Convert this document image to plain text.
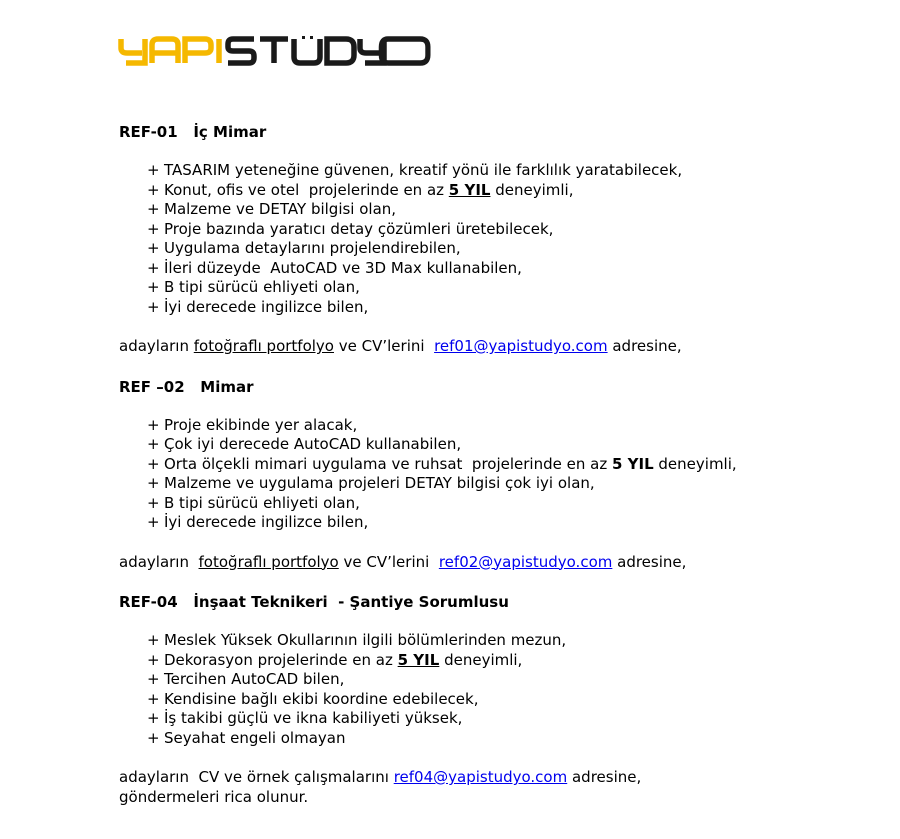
REF-01   İç Mimar
+ TASARIM yeteneğine güvenen, kreatif yönü ile farklılık yaratabilecek,
+ Konut, ofis ve otel  projelerinde en az 5 YIL deneyimli,
+ Malzeme ve DETAY bilgisi olan,
+ Proje bazında yaratıcı detay çözümleri üretebilecek,
+ Uygulama detaylarını projelendirebilen,
+ İleri düzeyde  AutoCAD ve 3D Max kullanabilen,
+ B tipi sürücü ehliyeti olan,
+ İyi derecede ingilizce bilen,
adayların fotoğraflı portfolyo ve CV’lerini  ref01@yapistudyo.com adresine,
REF –02   Mimar
+ Proje ekibinde yer alacak,
+ Çok iyi derecede AutoCAD kullanabilen,
+ Orta ölçekli mimari uygulama ve ruhsat  projelerinde en az 5 YIL deneyimli,
+ Malzeme ve uygulama projeleri DETAY bilgisi çok iyi olan,
+ B tipi sürücü ehliyeti olan,
+ İyi derecede ingilizce bilen,
adayların  fotoğraflı portfolyo ve CV’lerini  ref02@yapistudyo.com adresine,
REF-04   İnşaat Teknikeri  - Şantiye Sorumlusu
+ Meslek Yüksek Okullarının ilgili bölümlerinden mezun,
+ Dekorasyon projelerinde en az 5 YIL deneyimli,
+ Tercihen AutoCAD bilen,
+ Kendisine bağlı ekibi koordine edebilecek,
+ İş takibi güçlü ve ikna kabiliyeti yüksek,
+ Seyahat engeli olmayan
adayların  CV ve örnek çalışmalarını ref04@yapistudyo.com adresine,
göndermeleri rica olunur.
